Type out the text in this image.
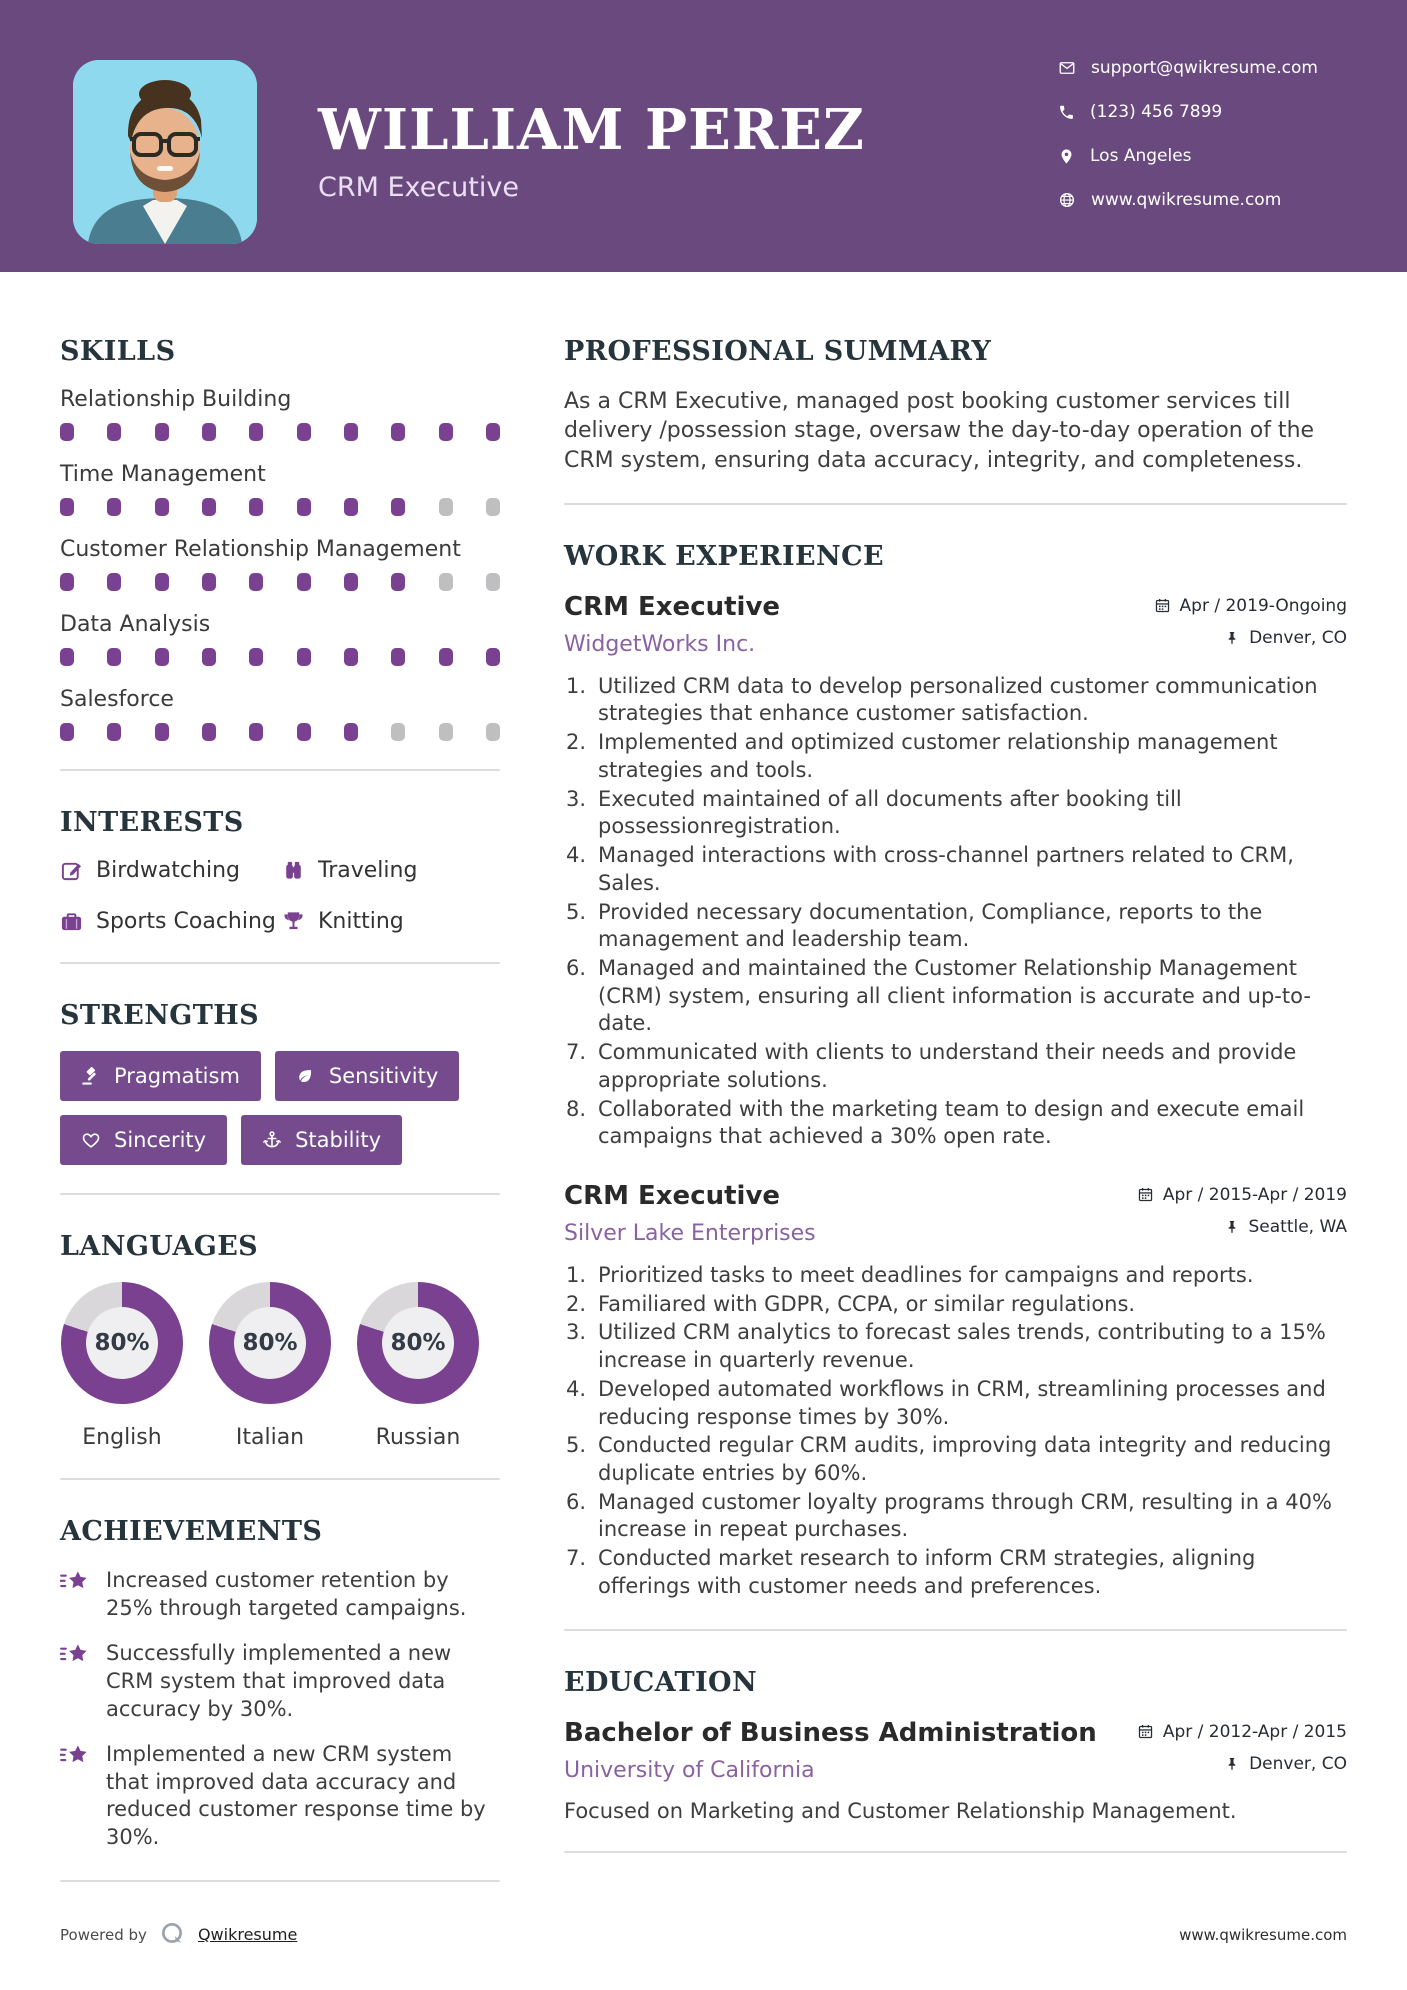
WILLIAM PEREZ
CRM Executive
support@qwikresume.com
(123) 456 7899
Los Angeles
www.qwikresume.com
SKILLS
Relationship Building
Time Management
Customer Relationship Management
Data Analysis
Salesforce
INTERESTS
Birdwatching	Traveling
Sports Coaching Knitting
STRENGTHS
Pragmatism	Sensitivity
Sincerity	Stability
LANGUAGES
80%
English
80%
Italian
80%
Russian
ACHIEVEMENTS
Increased customer retention by 25% through targeted campaigns.
Successfully implemented a new CRM system that improved data accuracy by 30%.
Implemented a new CRM system that improved data accuracy and reduced customer response time by 30%.
PROFESSIONAL SUMMARY

As a CRM Executive, managed post booking customer services till delivery /possession stage, oversaw the day-to-day operation of the CRM system, ensuring data accuracy, integrity, and completeness.

WORK EXPERIENCE
CRM Executive
WidgetWorks Inc.
Apr / 2019-Ongoing
Denver, CO
Utilized CRM data to develop personalized customer communication strategies that enhance customer satisfaction.
Implemented and optimized customer relationship management strategies and tools.
Executed maintained of all documents after booking till possessionregistration.
Managed interactions with cross-channel partners related to CRM, Sales.
Provided necessary documentation, Compliance, reports to the management and leadership team.
Managed and maintained the Customer Relationship Management (CRM) system, ensuring all client information is accurate and up-to-date.
Communicated with clients to understand their needs and provide appropriate solutions.
Collaborated with the marketing team to design and execute email campaigns that achieved a 30% open rate.
CRM Executive
Silver Lake Enterprises
Apr / 2015-Apr / 2019
Seattle, WA
Prioritized tasks to meet deadlines for campaigns and reports.
Familiared with GDPR, CCPA, or similar regulations.
Utilized CRM analytics to forecast sales trends, contributing to a 15% increase in quarterly revenue.
Developed automated workflows in CRM, streamlining processes and reducing response times by 30%.
Conducted regular CRM audits, improving data integrity and reducing duplicate entries by 60%.
Managed customer loyalty programs through CRM, resulting in a 40% increase in repeat purchases.
Conducted market research to inform CRM strategies, aligning offerings with customer needs and preferences.
EDUCATION
Bachelor of Business Administration
University of California
Apr / 2012-Apr / 2015
Denver, CO
Focused on Marketing and Customer Relationship Management.
Powered by	Qwikresume	www.qwikresume.com
